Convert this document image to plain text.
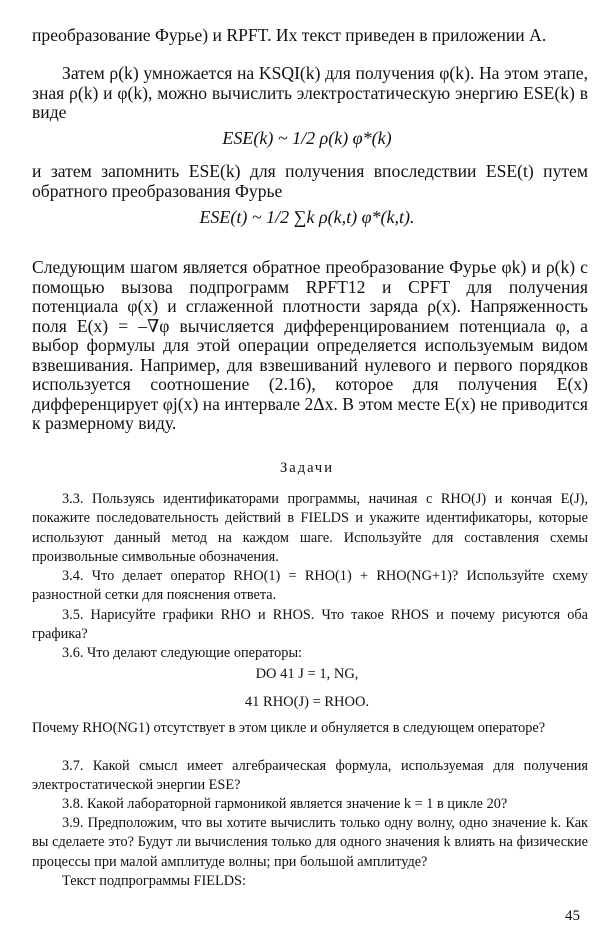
преобразование Фурье) и RPFT. Их текст приведен в приложении А.

Затем ρ(k) умножается на KSQI(k) для получения φ(k). На этом этапе, зная ρ(k) и φ(k), можно вычислить электростатическую энергию ESE(k) в виде

ESE(k) ~ 1/2 ρ(k) φ*(k)

и затем запомнить ESE(k) для получения впоследствии ESE(t) путем обратного преобразования Фурье

ESE(t) ~ 1/2 ∑k ρ(k,t) φ*(k,t).

Следующим шагом является обратное преобразование Фурье φk) и ρ(k) с помощью вызова подпрограмм RPFT12 и CPFT для получения потенциала φ(x) и сглаженной плотности заряда ρ(x). Напряженность поля E(x) = –∇φ вычисляется дифференцированием потенциала φ, а выбор формулы для этой операции определяется используемым видом взвешивания. Например, для взвешиваний нулевого и первого порядков используется соотношение (2.16), которое для получения E(x) дифференцирует φj(x) на интервале 2Δx. В этом месте E(x) не приводится к размерному виду.

Задачи

3.3. Пользуясь идентификаторами программы, начиная с RHO(J) и кончая E(J), покажите последовательность действий в FIELDS и укажите идентификаторы, которые используют данный метод на каждом шаге. Используйте для составления схемы произвольные символьные обозначения.

3.4. Что делает оператор RHO(1) = RHO(1) + RHO(NG+1)? Используйте схему разностной сетки для пояснения ответа.

3.5. Нарисуйте графики RHO и RHOS. Что такое RHOS и почему рисуются оба графика?

3.6. Что делают следующие операторы:

DO 41 J = 1, NG,

41 RHO(J) = RHOO.

Почему RHO(NG1) отсутствует в этом цикле и обнуляется в следующем операторе?

3.7. Какой смысл имеет алгебраическая формула, используемая для получения электростатической энергии ESE?

3.8. Какой лабораторной гармоникой является значение k = 1 в цикле 20?

3.9. Предположим, что вы хотите вычислить только одну волну, одно значение k. Как вы сделаете это? Будут ли вычисления только для одного значения k влиять на физические процессы при малой амплитуде волны; при большой амплитуде?

Текст подпрограммы FIELDS:

45
